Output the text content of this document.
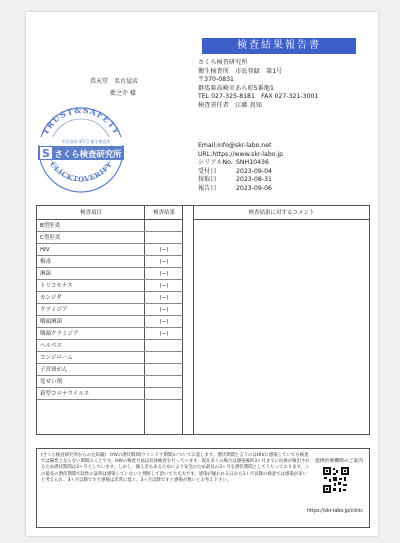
検査結果報告書
蔦天堂　名古屋店
藍之介 様
さくら検査研究所
衛生検査所　市長登録　第1号
〒370-0831
群馬県高崎市あら町5番地1
TEL 027-325-8181　FAX 027-321-3001
検査責任者　江藤 真知
Email:info@skr-labo.net
URL:https://www.skr-labo.jp
シリアルNo. SNH10436
受付日	2023-09-04
採取日	2023-08-31
報告日	2023-09-06
TRUST&SAFETY
CLICKTOVERIFY
市長登録 第1号 衛生検査所
S さくら検査研究所
検査項目	検査結果	検査結果に対するコメント
B型肝炎
C型肝炎
HIV	(−)
梅毒	(−)
淋菌	(−)
トリコモナス	(−)
カンジダ	(−)
クラミジア	(−)
咽頭淋菌	(−)
咽頭クラミジア	(−)
ヘルペス
コンジローム
子宮頸がん
覚せい剤
新型コロナウイルス
(さくら検査研究所からの豆知識)　HIVの潜伏期間(ウインドウ期間)についてお話します。潜伏期間と言うのはHIVに感染していても検査では陽性とならない期間のことです。HIVの検査方法は抗体検査を行っています。現在多くの場合は感染後約3ヶ月までに抗体が検出されるため潜伏期間は3ヶ月としています。しかし、個人差もあるためにより安全のため最長の3ヶ月を潜伏期間としてうたっております。この最長の潜伏期間で陰性の証明は感染していないと判断して頂いて大丈夫です。感染が疑われる日から1ヶ月以降の検査では感染が多いと考えられ、3ヶ月以降ですと感染は非常に低く、3ヶ月以降ですと感染が無いとお考え下さい。
提携医療機関のご案内
https://skr-labo.jp/clinic
